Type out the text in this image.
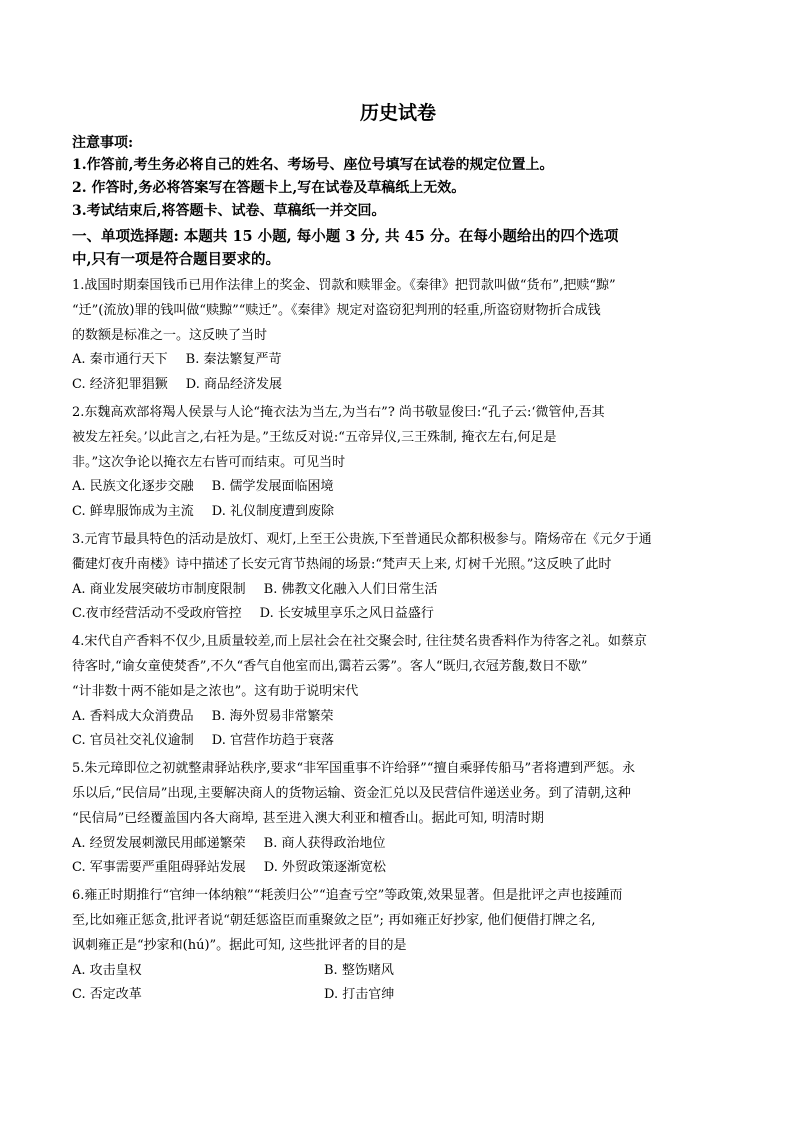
历史试卷
注意事项:
1.作答前,考生务必将自己的姓名、考场号、座位号填写在试卷的规定位置上。
2. 作答时,务必将答案写在答题卡上,写在试卷及草稿纸上无效。
3.考试结束后,将答题卡、试卷、草稿纸一并交回。
一、单项选择题: 本题共 15 小题, 每小题 3 分, 共 45 分。在每小题给出的四个选项
中,只有一项是符合题目要求的。
1.战国时期秦国钱币已用作法律上的奖金、罚款和赎罪金。《秦律》把罚款叫做“货布”,把赎“黥”
“迁”(流放)罪的钱叫做“赎黥”“赎迁”。《秦律》规定对盗窃犯判刑的轻重,所盗窃财物折合成钱
的数额是标准之一。这反映了当时
A. 秦市通行天下 B. 秦法繁复严苛
C. 经济犯罪猖獗 D. 商品经济发展
2.东魏高欢部将羯人侯景与人论“掩衣法为当左,为当右”? 尚书敬显俊曰:“孔子云:‘微管仲,吾其
被发左衽矣。’以此言之,右衽为是。”王纮反对说:“五帝异仪,三王殊制, 掩衣左右,何足是
非。”这次争论以掩衣左右皆可而结束。可见当时
A. 民族文化逐步交融 B. 儒学发展面临困境
C. 鲜卑服饰成为主流 D. 礼仪制度遭到废除
3.元宵节最具特色的活动是放灯、观灯,上至王公贵族,下至普通民众都积极参与。隋炀帝在《元夕于通
衢建灯夜升南楼》诗中描述了长安元宵节热闹的场景:“梵声天上来, 灯树千光照。”这反映了此时
A. 商业发展突破坊市制度限制 B. 佛教文化融入人们日常生活
C.夜市经营活动不受政府管控 D. 长安城里享乐之风日益盛行
4.宋代自产香料不仅少,且质量较差,而上层社会在社交聚会时, 往往焚名贵香料作为待客之礼。如蔡京
待客时,“谕女童使焚香”,不久“香气自他室而出,霭若云雾”。客人“既归,衣冠芳馥,数日不歇”
“计非数十两不能如是之浓也”。这有助于说明宋代
A. 香料成大众消费品 B. 海外贸易非常繁荣
C. 官员社交礼仪逾制 D. 官营作坊趋于衰落
5.朱元璋即位之初就整肃驿站秩序,要求“非军国重事不许给驿”“擅自乘驿传船马”者将遭到严惩。永
乐以后,“民信局”出现,主要解决商人的货物运输、资金汇兑以及民营信件递送业务。到了清朝,这种
“民信局”已经覆盖国内各大商埠, 甚至进入澳大利亚和檀香山。据此可知, 明清时期
A. 经贸发展刺激民用邮递繁荣 B. 商人获得政治地位
C. 军事需要严重阻碍驿站发展 D. 外贸政策逐渐宽松
6.雍正时期推行“官绅一体纳粮”“耗羡归公”“追查亏空”等政策,效果显著。但是批评之声也接踵而
至,比如雍正惩贪,批评者说“朝廷惩盗臣而重聚敛之臣”; 再如雍正好抄家, 他们便借打牌之名,
讽刺雍正是“抄家和(hú)”。据此可知, 这些批评者的目的是
A. 攻击皇权	B. 整饬赌风
C. 否定改革	D. 打击官绅
